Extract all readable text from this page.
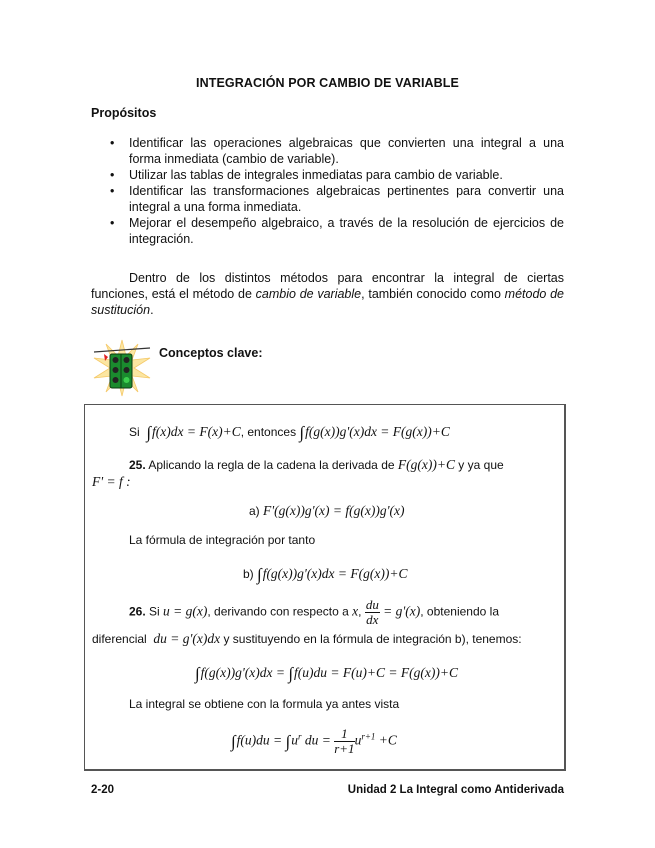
INTEGRACIÓN POR CAMBIO DE VARIABLE
Propósitos
• Identificar las operaciones algebraicas que convierten una integral a una forma inmediata (cambio de variable).
• Utilizar las tablas de integrales inmediatas para cambio de variable.
• Identificar las transformaciones algebraicas pertinentes para convertir una integral a una forma inmediata.
• Mejorar el desempeño algebraico, a través de la resolución de ejercicios de integración.
Dentro de los distintos métodos para encontrar la integral de ciertas funciones, está el método de cambio de variable, también conocido como método de sustitución.
Conceptos clave:
Si ∫f(x)dx = F(x)+C, entonces ∫f(g(x))g'(x)dx = F(g(x))+C
25. Aplicando la regla de la cadena la derivada de F(g(x))+C y ya que
F' = f :
a) F'(g(x))g'(x) = f(g(x))g'(x)
La fórmula de integración por tanto
b) ∫f(g(x))g'(x)dx = F(g(x))+C
26. Si u = g(x), derivando con respecto a x, $\frac{du}{dx} = g'(x)$, obteniendo la
diferencial  du = g'(x)dx y sustituyendo en la fórmula de integración b), tenemos:
∫f(g(x))g'(x)dx = ∫f(u)du = F(u)+C = F(g(x))+C
La integral se obtiene con la formula ya antes vista
$\int f(u)du = \int u^r$ du = $\frac{1}{r+1} u^{r+1} +C$
2-20	Unidad 2 La Integral como Antiderivada
